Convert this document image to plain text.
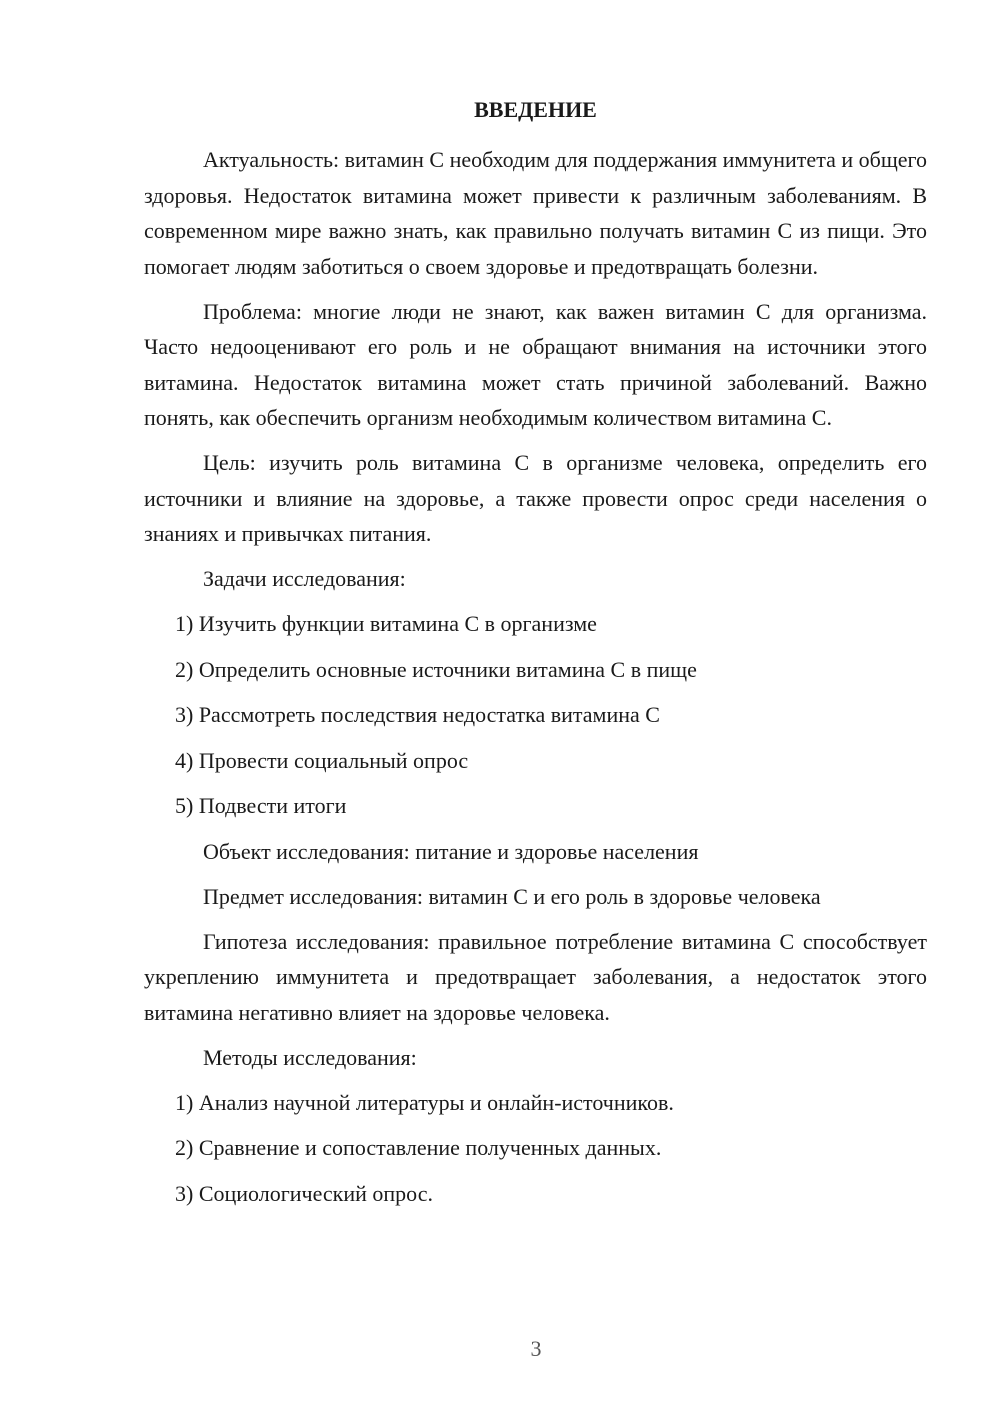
ВВЕДЕНИЕ

Актуальность: витамин С необходим для поддержания иммунитета и общего здоровья. Недостаток витамина может привести к различным заболеваниям. В современном мире важно знать, как правильно получать витамин С из пищи. Это помогает людям заботиться о своем здоровье и предотвращать болезни.

Проблема: многие люди не знают, как важен витамин С для организма. Часто недооценивают его роль и не обращают внимания на источники этого витамина. Недостаток витамина может стать причиной заболеваний. Важно понять, как обеспечить организм необходимым количеством витамина С.

Цель: изучить роль витамина С в организме человека, определить его источники и влияние на здоровье, а также провести опрос среди населения о знаниях и привычках питания.

Задачи исследования:

1) Изучить функции витамина С в организме

2) Определить основные источники витамина С в пище

3) Рассмотреть последствия недостатка витамина С

4) Провести социальный опрос

5) Подвести итоги

Объект исследования: питание и здоровье населения

Предмет исследования: витамин С и его роль в здоровье человека

Гипотеза исследования: правильное потребление витамина С способствует укреплению иммунитета и предотвращает заболевания, а недостаток этого витамина негативно влияет на здоровье человека.

Методы исследования:

1) Анализ научной литературы и онлайн-источников.

2) Сравнение и сопоставление полученных данных.

3) Социологический опрос.

3
